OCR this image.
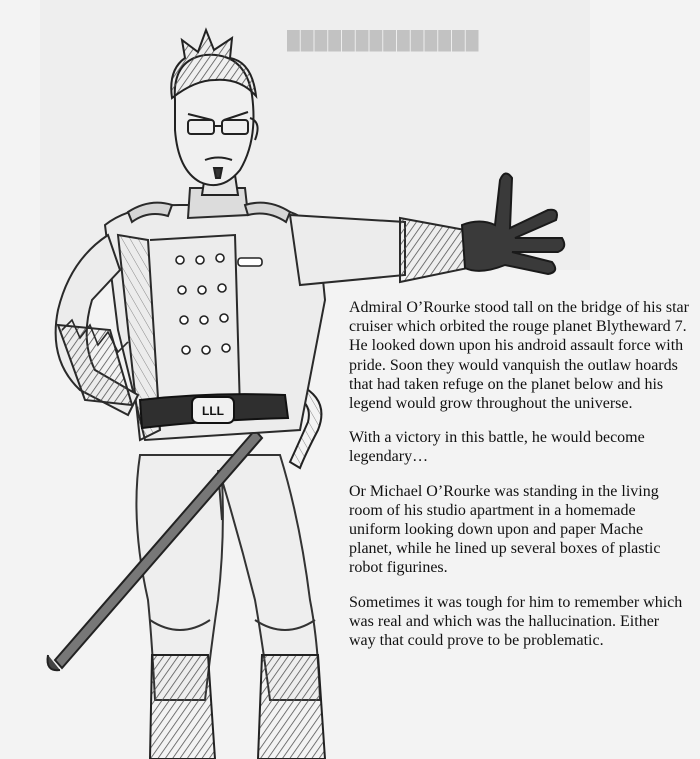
LLL
██████████████

Admiral O’Rourke stood tall on the bridge of his star cruiser which orbited the rouge planet Blytheward 7. He looked down upon his android assault force with pride. Soon they would vanquish the outlaw hoards that had taken refuge on the planet below and his legend would grow throughout the universe.

With a victory in this battle, he would become legendary…

Or Michael O’Rourke was standing in the living room of his studio apartment in a homemade uniform looking down upon and paper Mache planet, while he lined up several boxes of plastic robot figurines.

Sometimes it was tough for him to remember which was real and which was the hallucination. Either way that could prove to be problematic.
